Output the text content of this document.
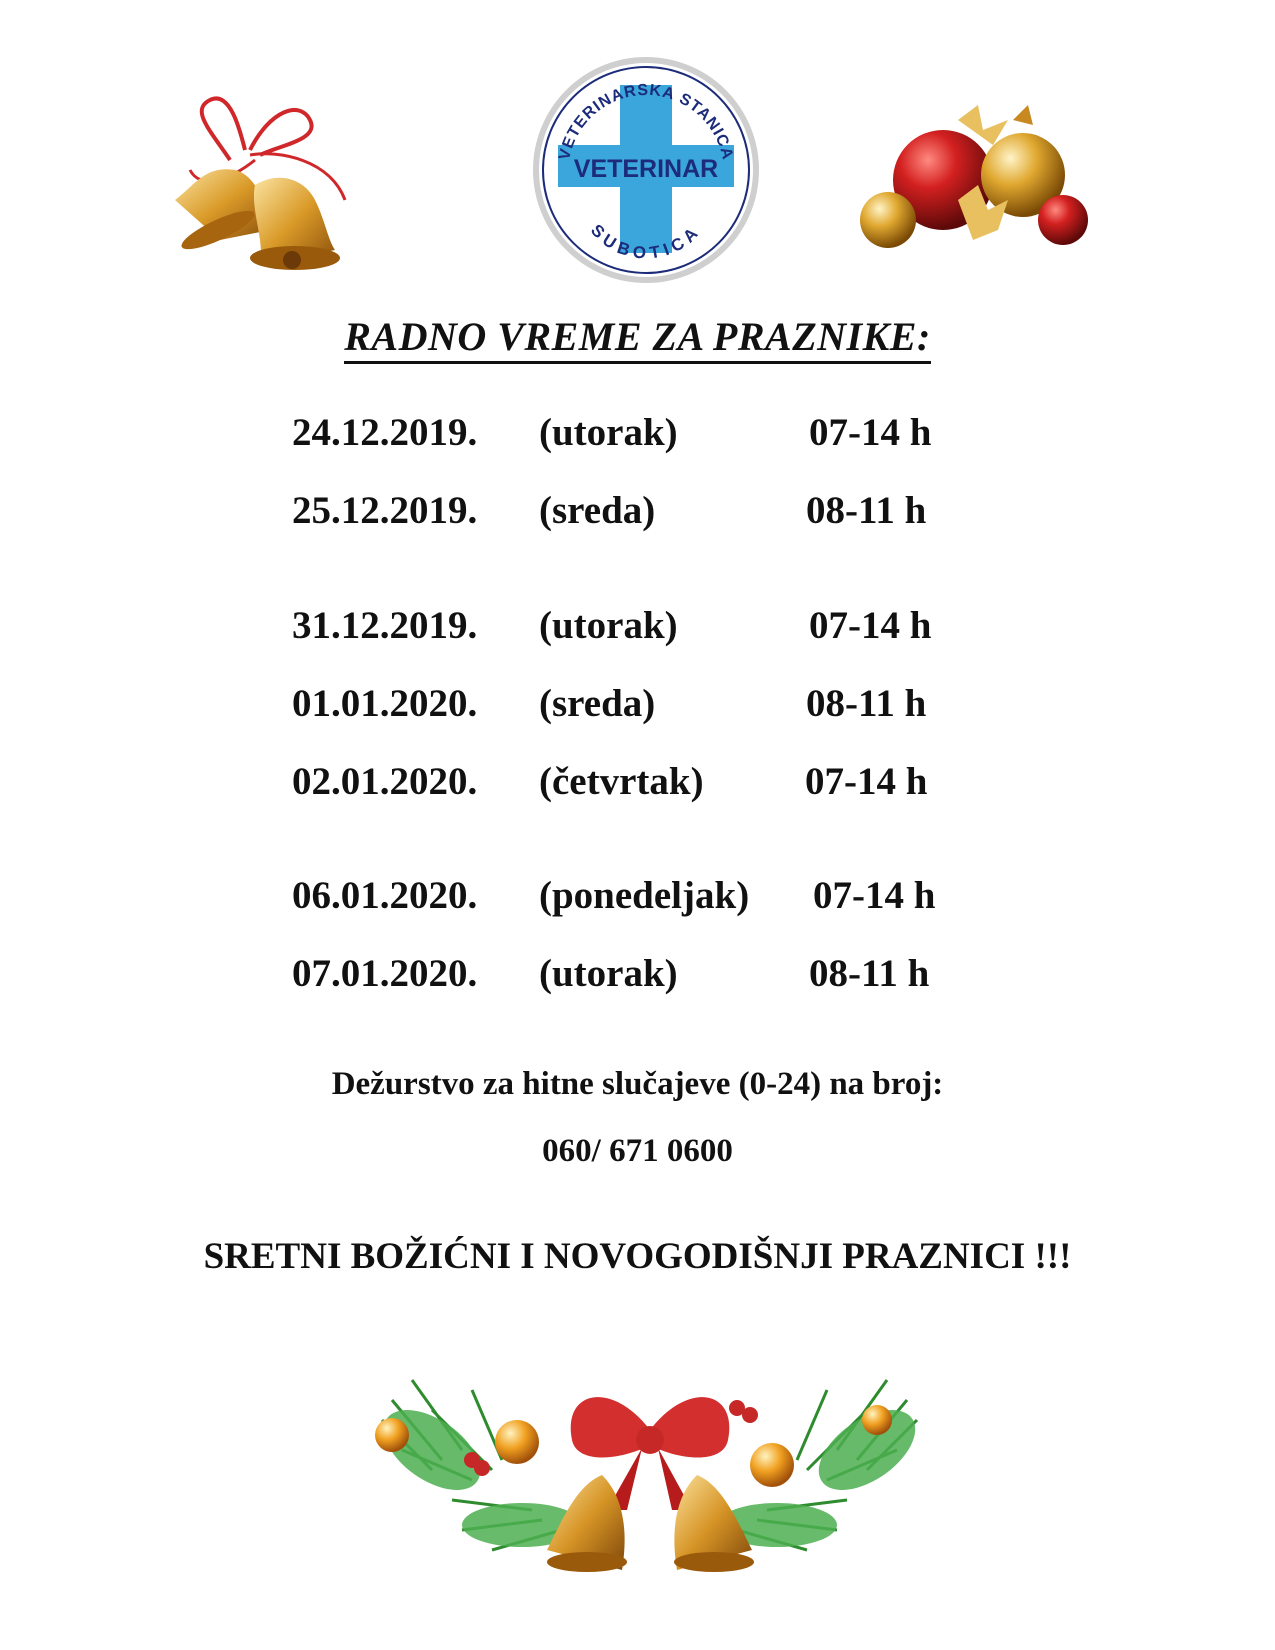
VETERINARSKA STANICA
VETERINAR
SUBOTICA
RADNO VREME ZA PRAZNIKE:
24.12.2019. (utorak)	07-14 h
25.12.2019. (sreda)	08-11 h
31.12.2019. (utorak)	07-14 h
01.01.2020. (sreda)	08-11 h
02.01.2020. (četvrtak)	07-14 h
06.01.2020. (ponedeljak) 07-14 h
07.01.2020. (utorak)	08-11 h
Dežurstvo za hitne slučajeve (0-24) na broj:
060/ 671 0600
SRETNI BOŽIĆNI I NOVOGODIŠNJI PRAZNICI !!!
